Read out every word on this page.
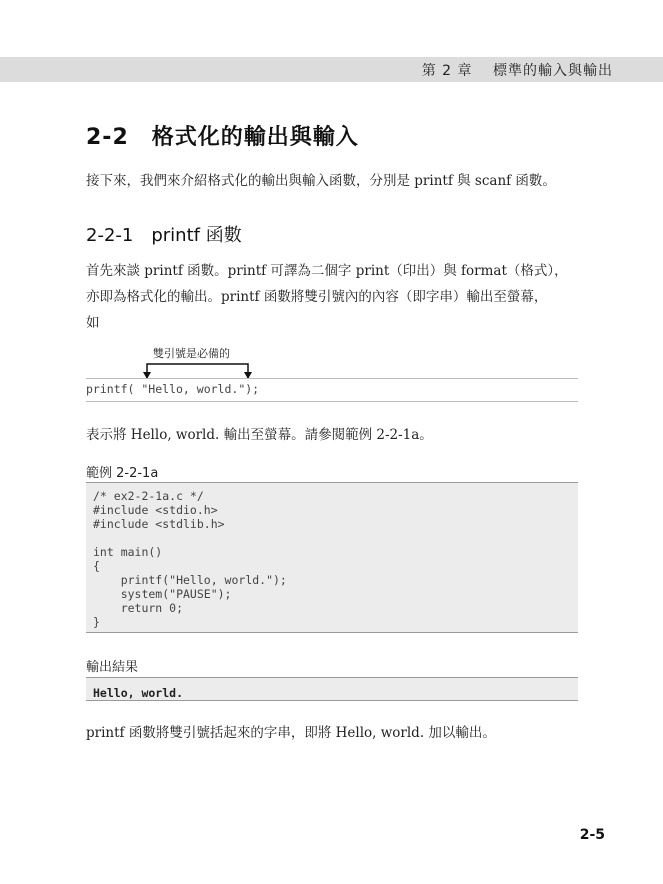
第 2 章　 標準的輸入與輸出
2-2　格式化的輸出與輸入
接下來，我們來介紹格式化的輸出與輸入函數，分別是 printf 與 scanf 函數。
2-2-1　printf 函數
首先來談 printf 函數。printf 可譯為二個字 print（印出）與 format（格式），
亦即為格式化的輸出。printf 函數將雙引號內的內容（即字串）輸出至螢幕，
如
雙引號是必備的
printf( "Hello, world.");
表示將 Hello, world. 輸出至螢幕。請參閱範例 2-2-1a。
範例 2-2-1a
/* ex2-2-1a.c */
#include <stdio.h>
#include <stdlib.h>

int main()
{
printf("Hello, world.");
system("PAUSE");
return 0;
}
輸出結果
Hello, world.
printf 函數將雙引號括起來的字串，即將 Hello, world. 加以輸出。
2-5
